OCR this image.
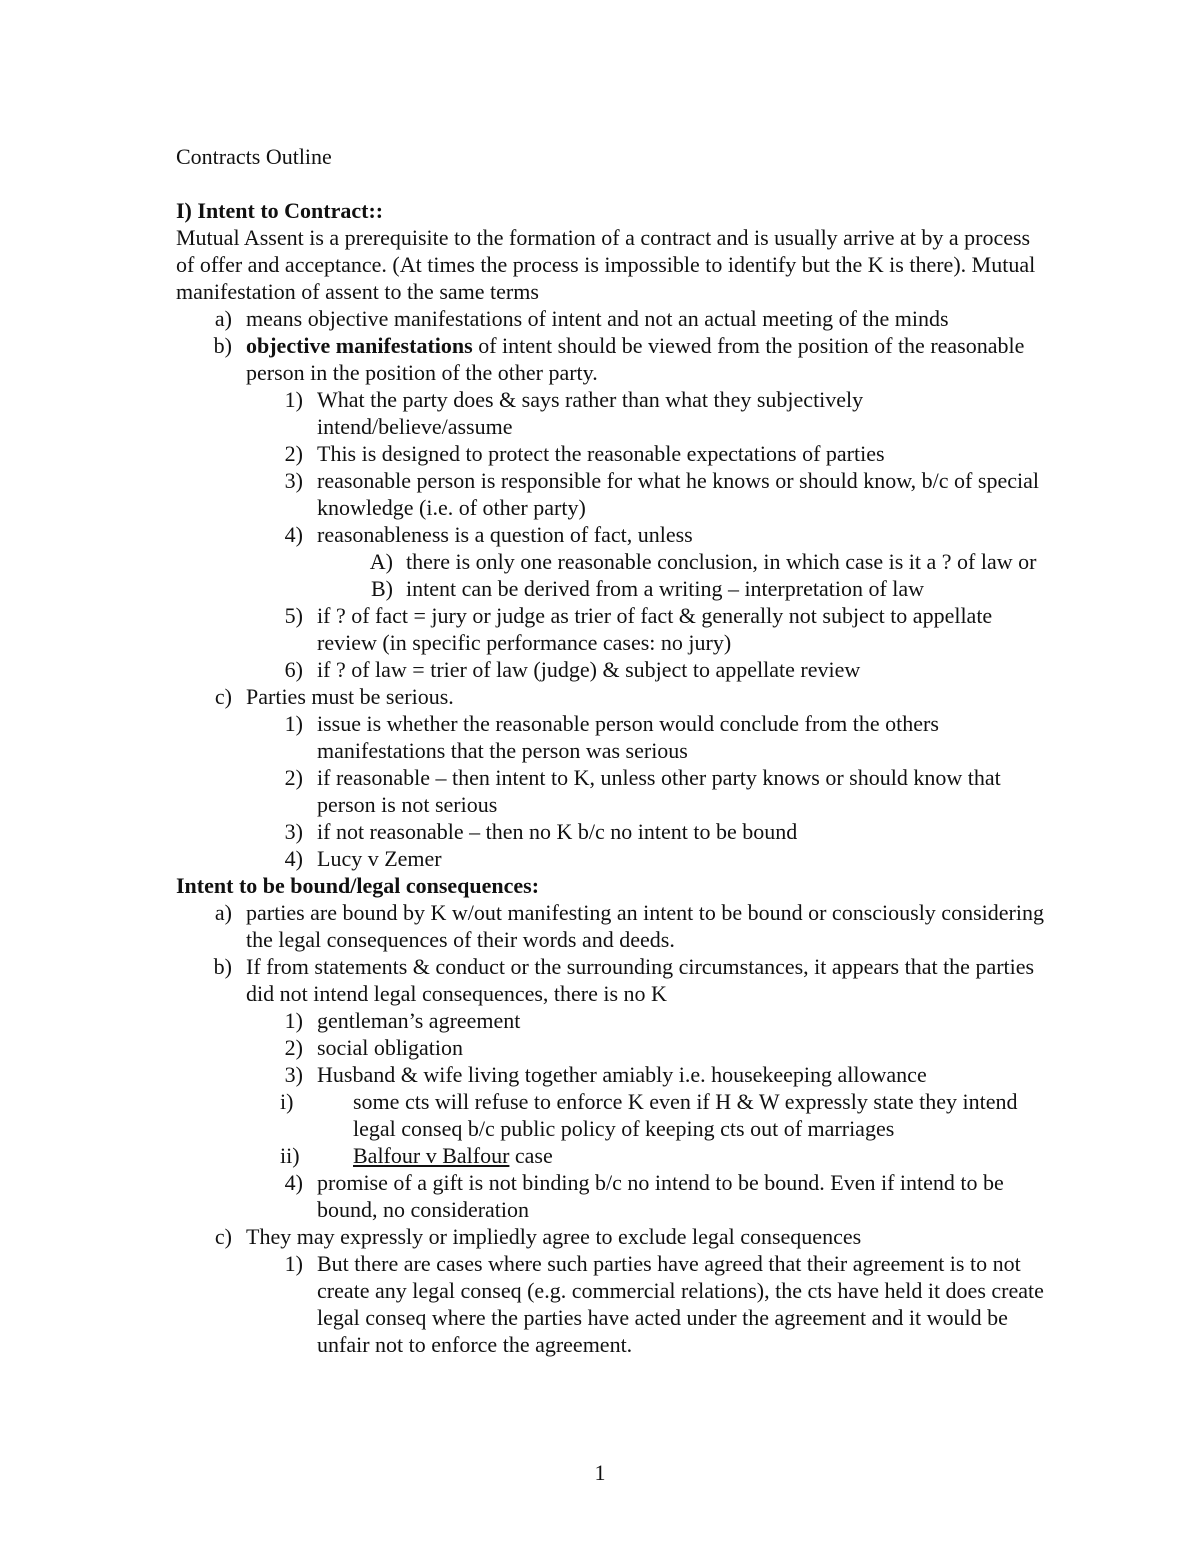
Contracts Outline
I) Intent to Contract::

Mutual Assent is a prerequisite to the formation of a contract and is usually arrive at by a process of offer and acceptance. (At times the process is impossible to identify but the K is there). Mutual manifestation of assent to the same terms

a) means objective manifestations of intent and not an actual meeting of the minds
b) objective manifestations of intent should be viewed from the position of the reasonable person in the position of the other party.
1) What the party does & says rather than what they subjectively intend/believe/assume
2) This is designed to protect the reasonable expectations of parties
3) reasonable person is responsible for what he knows or should know, b/c of special knowledge (i.e. of other party)
4) reasonableness is a question of fact, unless
A) there is only one reasonable conclusion, in which case is it a ? of law or
B) intent can be derived from a writing – interpretation of law
5) if ? of fact = jury or judge as trier of fact & generally not subject to appellate review (in specific performance cases: no jury)
6) if ? of law = trier of law (judge) & subject to appellate review
c) Parties must be serious.
1) issue is whether the reasonable person would conclude from the others manifestations that the person was serious
2) if reasonable – then intent to K, unless other party knows or should know that person is not serious
3) if not reasonable – then no K b/c no intent to be bound
4) Lucy v Zemer
Intent to be bound/legal consequences:
a) parties are bound by K w/out manifesting an intent to be bound or consciously considering the legal consequences of their words and deeds.
b) If from statements & conduct or the surrounding circumstances, it appears that the parties did not intend legal consequences, there is no K
1) gentleman’s agreement
2) social obligation
3) Husband & wife living together amiably i.e. housekeeping allowance
i)	some cts will refuse to enforce K even if H & W expressly state they intend legal conseq b/c public policy of keeping cts out of marriages
ii)	Balfour v Balfour case
4) promise of a gift is not binding b/c no intend to be bound. Even if intend to be bound, no consideration
c) They may expressly or impliedly agree to exclude legal consequences
1) But there are cases where such parties have agreed that their agreement is to not create any legal conseq (e.g. commercial relations), the cts have held it does create legal conseq where the parties have acted under the agreement and it would be unfair not to enforce the agreement.
1
